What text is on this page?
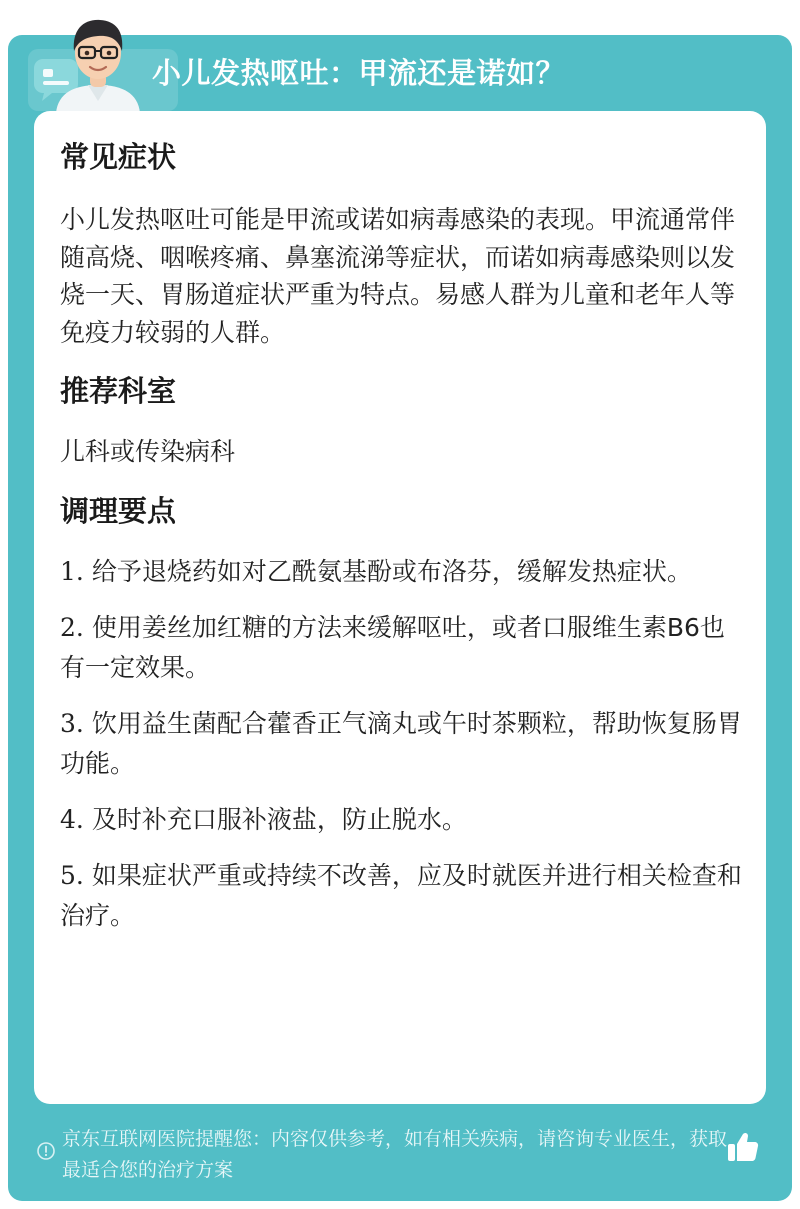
小儿发热呕吐：甲流还是诺如？
常见症状

小儿发热呕吐可能是甲流或诺如病毒感染的表现。甲流通常伴随高烧、咽喉疼痛、鼻塞流涕等症状，而诺如病毒感染则以发烧一天、胃肠道症状严重为特点。易感人群为儿童和老年人等免疫力较弱的人群。

推荐科室

儿科或传染病科

调理要点
1. 给予退烧药如对乙酰氨基酚或布洛芬，缓解发热症状。
2. 使用姜丝加红糖的方法来缓解呕吐，或者口服维生素B6也有一定效果。
3. 饮用益生菌配合藿香正气滴丸或午时茶颗粒，帮助恢复肠胃功能。
4. 及时补充口服补液盐，防止脱水。
5. 如果症状严重或持续不改善，应及时就医并进行相关检查和治疗。
京东互联网医院提醒您：内容仅供参考，如有相关疾病，请咨询专业医生，获取最适合您的治疗方案
